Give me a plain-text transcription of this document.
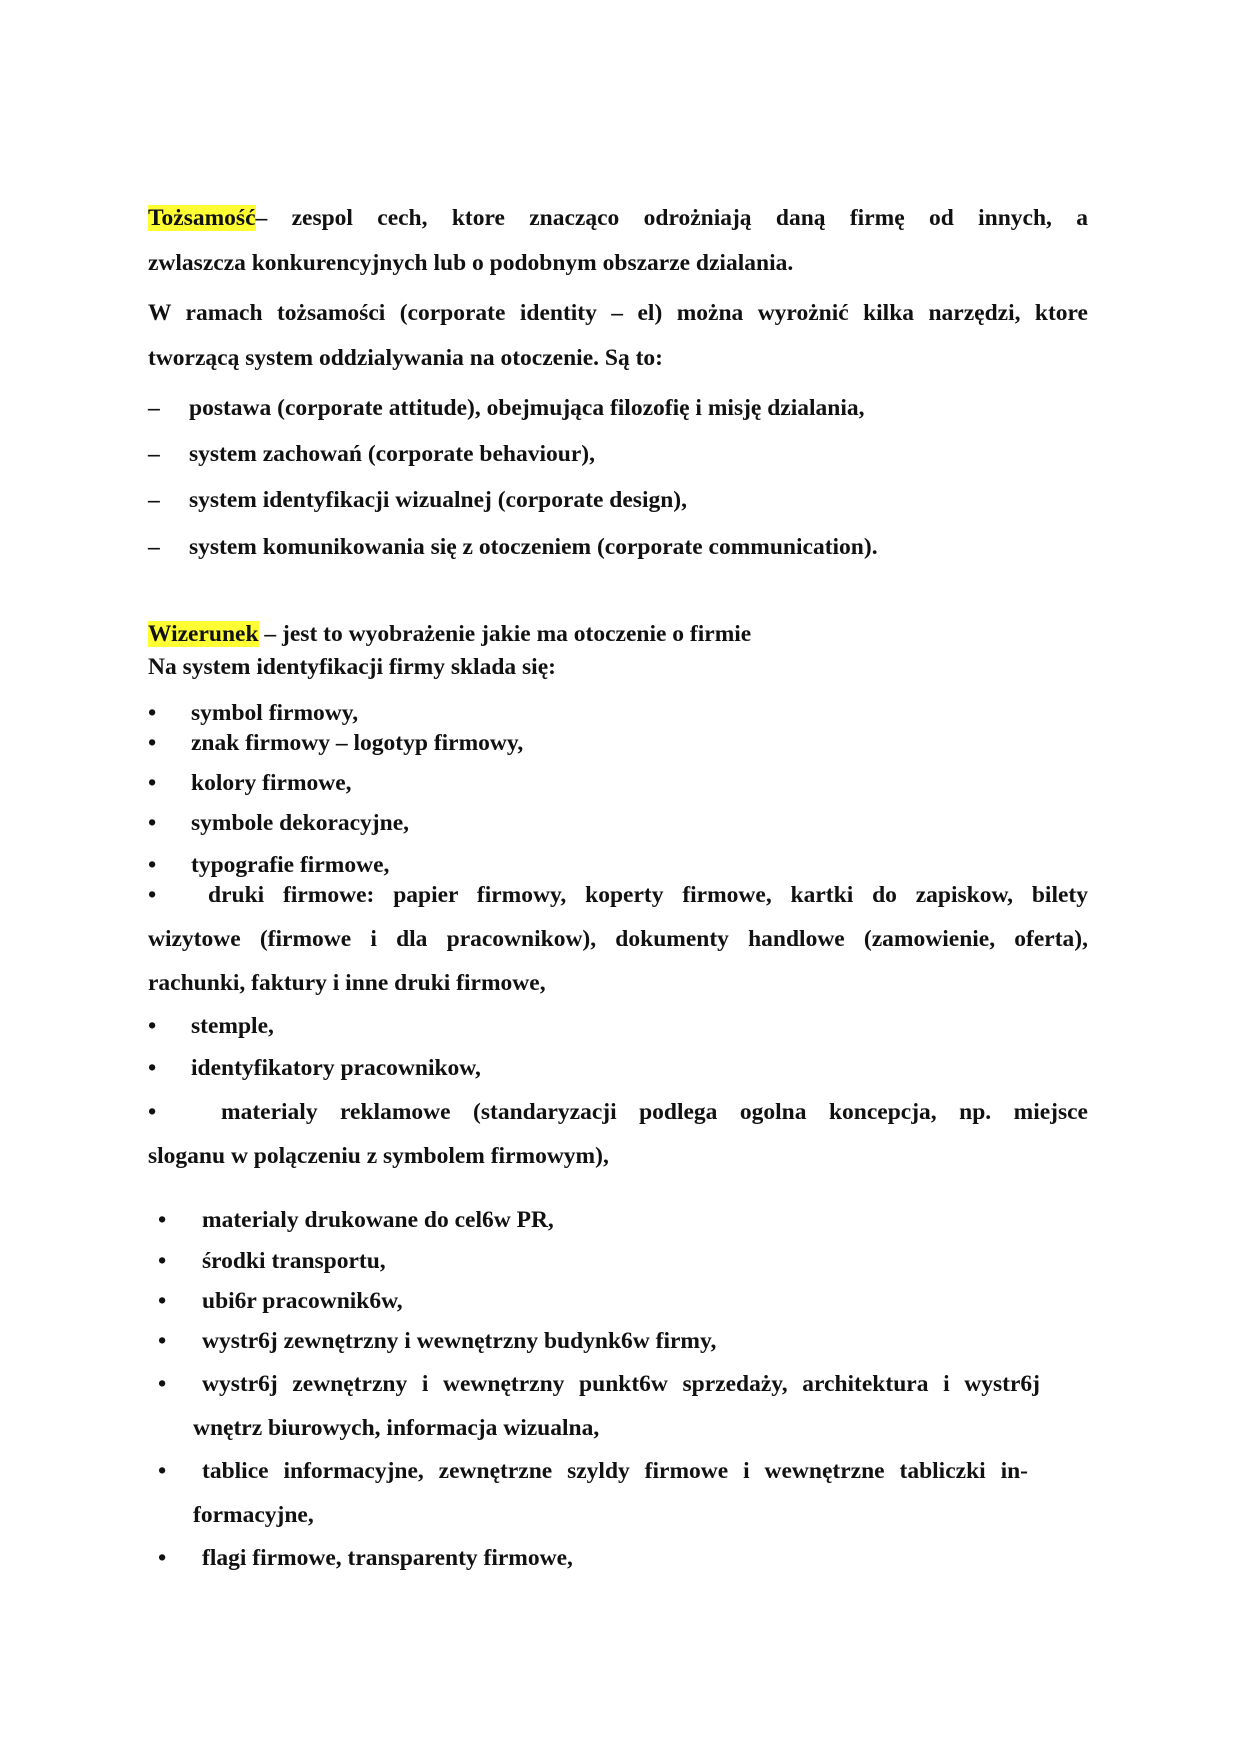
Tożsamość– zespol cech, ktore znacząco odrożniają daną firmę od innych, a
zwlaszcza konkurencyjnych lub o podobnym obszarze dzialania.
W ramach tożsamości (corporate identity – el) można wyrożnić kilka narzędzi, ktore
tworzącą system oddzialywania na otoczenie. Są to:
– postawa (corporate attitude), obejmująca filozofię i misję dzialania,
– system zachowań (corporate behaviour),
– system identyfikacji wizualnej (corporate design),
– system komunikowania się z otoczeniem (corporate communication).
Wizerunek – jest to wyobrażenie jakie ma otoczenie o firmie
Na system identyfikacji firmy sklada się:
• symbol firmowy,
• znak firmowy – logotyp firmowy,
• kolory firmowe,
• symbole dekoracyjne,
• typografie firmowe,
• druki firmowe: papier firmowy, koperty firmowe, kartki do zapiskow, bilety
wizytowe (firmowe i dla pracownikow), dokumenty handlowe (zamowienie, oferta),
rachunki, faktury i inne druki firmowe,
• stemple,
• identyfikatory pracownikow,
•	materialy reklamowe (standaryzacji podlega ogolna koncepcja, np. miejsce
sloganu w polączeniu z symbolem firmowym),
• materialy drukowane do cel6w PR,
• środki transportu,
• ubi6r pracownik6w,
• wystr6j zewnętrzny i wewnętrzny budynk6w firmy,
• wystr6j zewnętrzny i wewnętrzny punkt6w sprzedaży, architektura i wystr6j
wnętrz biurowych, informacja wizualna,
• tablice informacyjne, zewnętrzne szyldy firmowe i wewnętrzne tabliczki in-
formacyjne,
• flagi firmowe, transparenty firmowe,
